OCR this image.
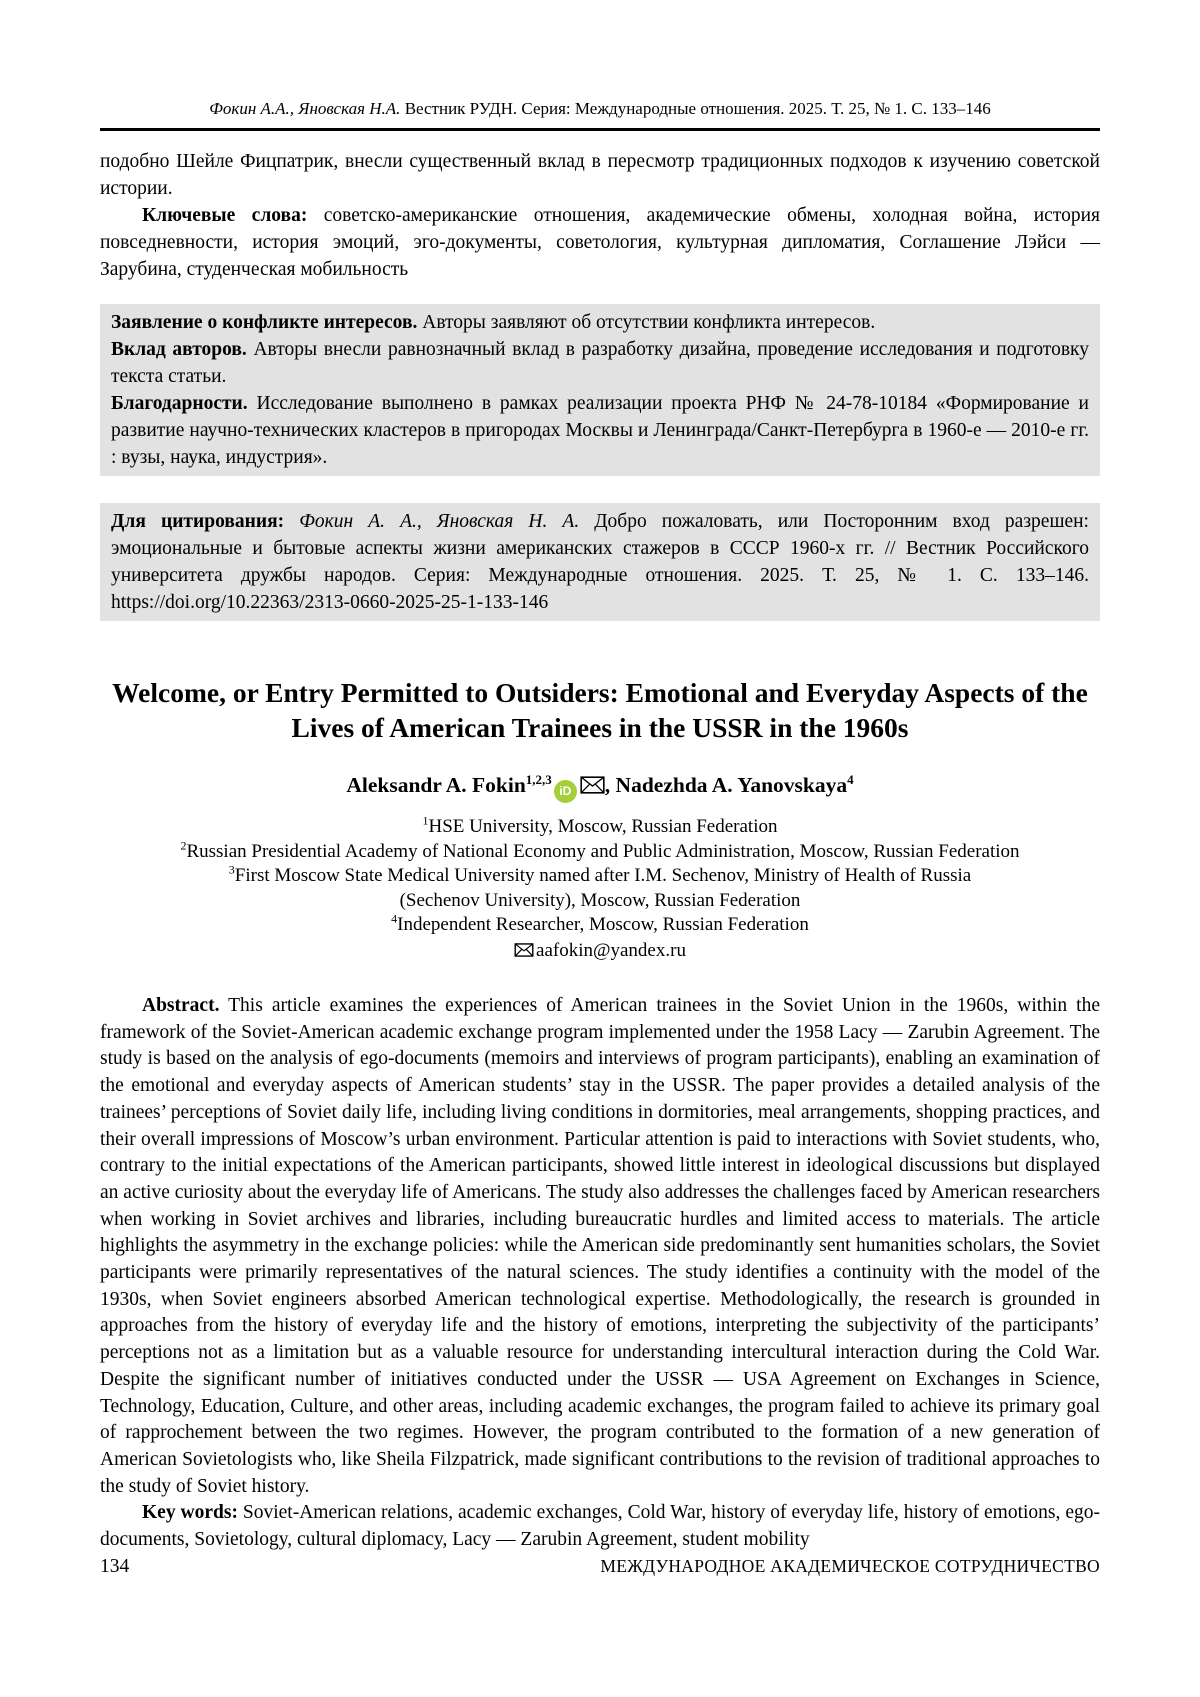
Фокин А.А., Яновская Н.А. Вестник РУДН. Серия: Международные отношения. 2025. Т. 25, № 1. С. 133–146

подобно Шейле Фицпатрик, внесли существенный вклад в пересмотр традиционных подходов к изучению советской истории.

Ключевые слова: советско-американские отношения, академические обмены, холодная война, история повседневности, история эмоций, эго-документы, советология, культурная дипломатия, Соглашение Лэйси — Зарубина, студенческая мобильность

Заявление о конфликте интересов. Авторы заявляют об отсутствии конфликта интересов.

Вклад авторов. Авторы внесли равнозначный вклад в разработку дизайна, проведение исследования и подготовку текста статьи.

Благодарности. Исследование выполнено в рамках реализации проекта РНФ № 24-78-10184 «Формирование и развитие научно-технических кластеров в пригородах Москвы и Ленинграда/Санкт-Петербурга в 1960-е — 2010-е гг. : вузы, наука, индустрия».

Для цитирования: Фокин А. А., Яновская Н. А. Добро пожаловать, или Посторонним вход разрешен: эмоциональные и бытовые аспекты жизни американских стажеров в СССР 1960-х гг. // Вестник Российского университета дружбы народов. Серия: Международные отношения. 2025. Т. 25, № 1. С. 133–146. https://doi.org/10.22363/2313-0660-2025-25-1-133-146

Welcome, or Entry Permitted to Outsiders: Emotional and Everyday Aspects of the Lives of American Trainees in the USSR in the 1960s
Aleksandr A. Fokin$^{1,2,3}$iD , Nadezhda A. Yanovskaya$^4$
$^1$HSE University, Moscow, Russian Federation
$^2$Russian Presidential Academy of National Economy and Public Administration, Moscow, Russian Federation
$^3$First Moscow State Medical University named after I.M. Sechenov, Ministry of Health of Russia
(Sechenov University), Moscow, Russian Federation
$^4$Independent Researcher, Moscow, Russian Federation
aafokin@yandex.ru

Abstract. This article examines the experiences of American trainees in the Soviet Union in the 1960s, within the framework of the Soviet-American academic exchange program implemented under the 1958 Lacy — Zarubin Agreement. The study is based on the analysis of ego-documents (memoirs and interviews of program participants), enabling an examination of the emotional and everyday aspects of American students’ stay in the USSR. The paper provides a detailed analysis of the trainees’ perceptions of Soviet daily life, including living conditions in dormitories, meal arrangements, shopping practices, and their overall impressions of Moscow’s urban environment. Particular attention is paid to interactions with Soviet students, who, contrary to the initial expectations of the American participants, showed little interest in ideological discussions but displayed an active curiosity about the everyday life of Americans. The study also addresses the challenges faced by American researchers when working in Soviet archives and libraries, including bureaucratic hurdles and limited access to materials. The article highlights the asymmetry in the exchange policies: while the American side predominantly sent humanities scholars, the Soviet participants were primarily representatives of the natural sciences. The study identifies a continuity with the model of the 1930s, when Soviet engineers absorbed American technological expertise. Methodologically, the research is grounded in approaches from the history of everyday life and the history of emotions, interpreting the subjectivity of the participants’ perceptions not as a limitation but as a valuable resource for understanding intercultural interaction during the Cold War. Despite the significant number of initiatives conducted under the USSR — USA Agreement on Exchanges in Science, Technology, Education, Culture, and other areas, including academic exchanges, the program failed to achieve its primary goal of rapprochement between the two regimes. However, the program contributed to the formation of a new generation of American Sovietologists who, like Sheila Filzpatrick, made significant contributions to the revision of traditional approaches to the study of Soviet history.

Key words: Soviet-American relations, academic exchanges, Cold War, history of everyday life, history of emotions, ego-documents, Sovietology, cultural diplomacy, Lacy — Zarubin Agreement, student mobility

134	МЕЖДУНАРОДНОЕ АКАДЕМИЧЕСКОЕ СОТРУДНИЧЕСТВО
